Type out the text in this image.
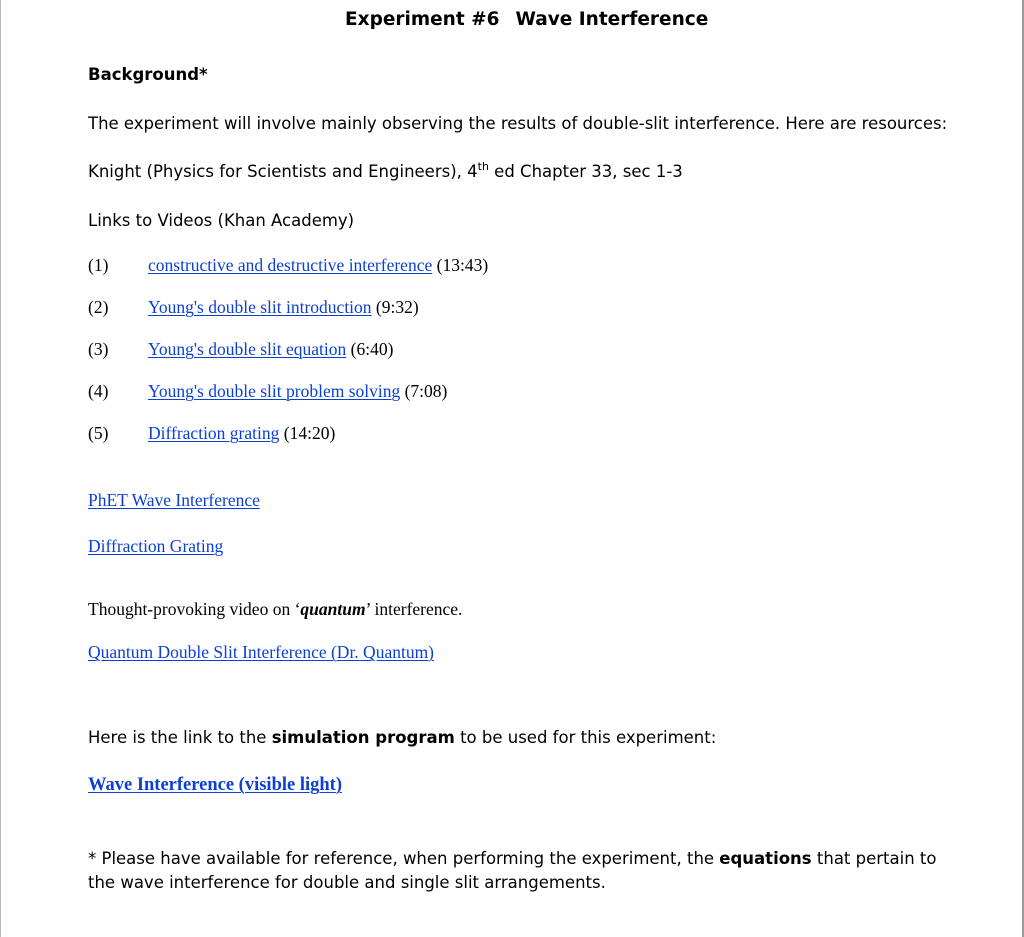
Experiment #6 Wave Interference
Background*
The experiment will involve mainly observing the results of double-slit interference. Here are resources:
Knight (Physics for Scientists and Engineers), 4th ed Chapter 33, sec 1-3
Links to Videos (Khan Academy)
(1) constructive and destructive interference (13:43)
(2) Young's double slit introduction (9:32)
(3) Young's double slit equation (6:40)
(4) Young's double slit problem solving (7:08)
(5) Diffraction grating (14:20)
PhET Wave Interference
Diffraction Grating
Thought-provoking video on ‘quantum’ interference.
Quantum Double Slit Interference (Dr. Quantum)
Here is the link to the simulation program to be used for this experiment:
Wave Interference (visible light)
* Please have available for reference, when performing the experiment, the equations that pertain to the wave interference for double and single slit arrangements.
